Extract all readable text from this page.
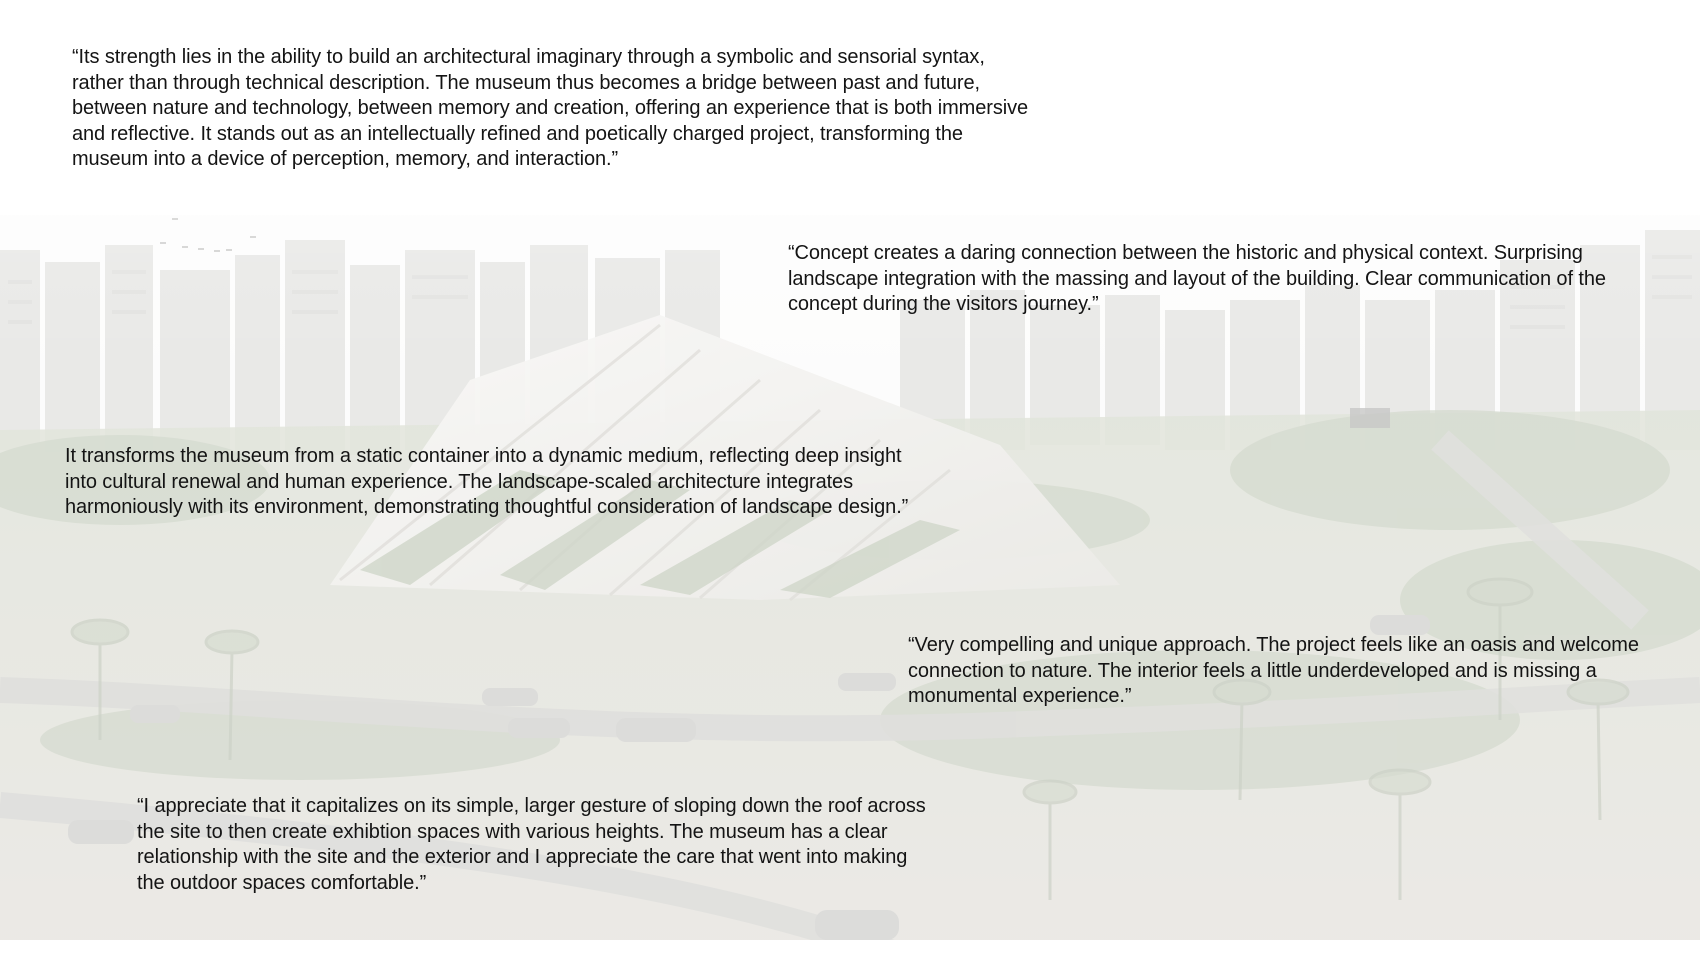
“Its strength lies in the ability to build an architectural imaginary through a symbolic and sensorial syntax, rather than through technical description. The museum thus becomes a bridge between past and future, between nature and technology, between memory and creation, offering an experience that is both immersive and reflective. It stands out as an intellectually refined and poetically charged project, transforming the museum into a device of perception, memory, and interaction.”

“Concept creates a daring connection between the historic and physical context. Surprising landscape integration with the massing and layout of the building. Clear communication of the concept during the visitors journey.”

It transforms the museum from a static container into a dynamic medium, reflecting deep insight into cultural renewal and human experience. The landscape-scaled architecture integrates harmoniously with its environment, demonstrating thoughtful consideration of landscape design.”

“Very compelling and unique approach. The project feels like an oasis and welcome connection to nature. The interior feels a little underdeveloped and is missing a monumental experience.”

“I appreciate that it capitalizes on its simple, larger gesture of sloping down the roof across the site to then create exhibtion spaces with various heights. The museum has a clear relationship with the site and the exterior and I appreciate the care that went into making the outdoor spaces comfortable.”
